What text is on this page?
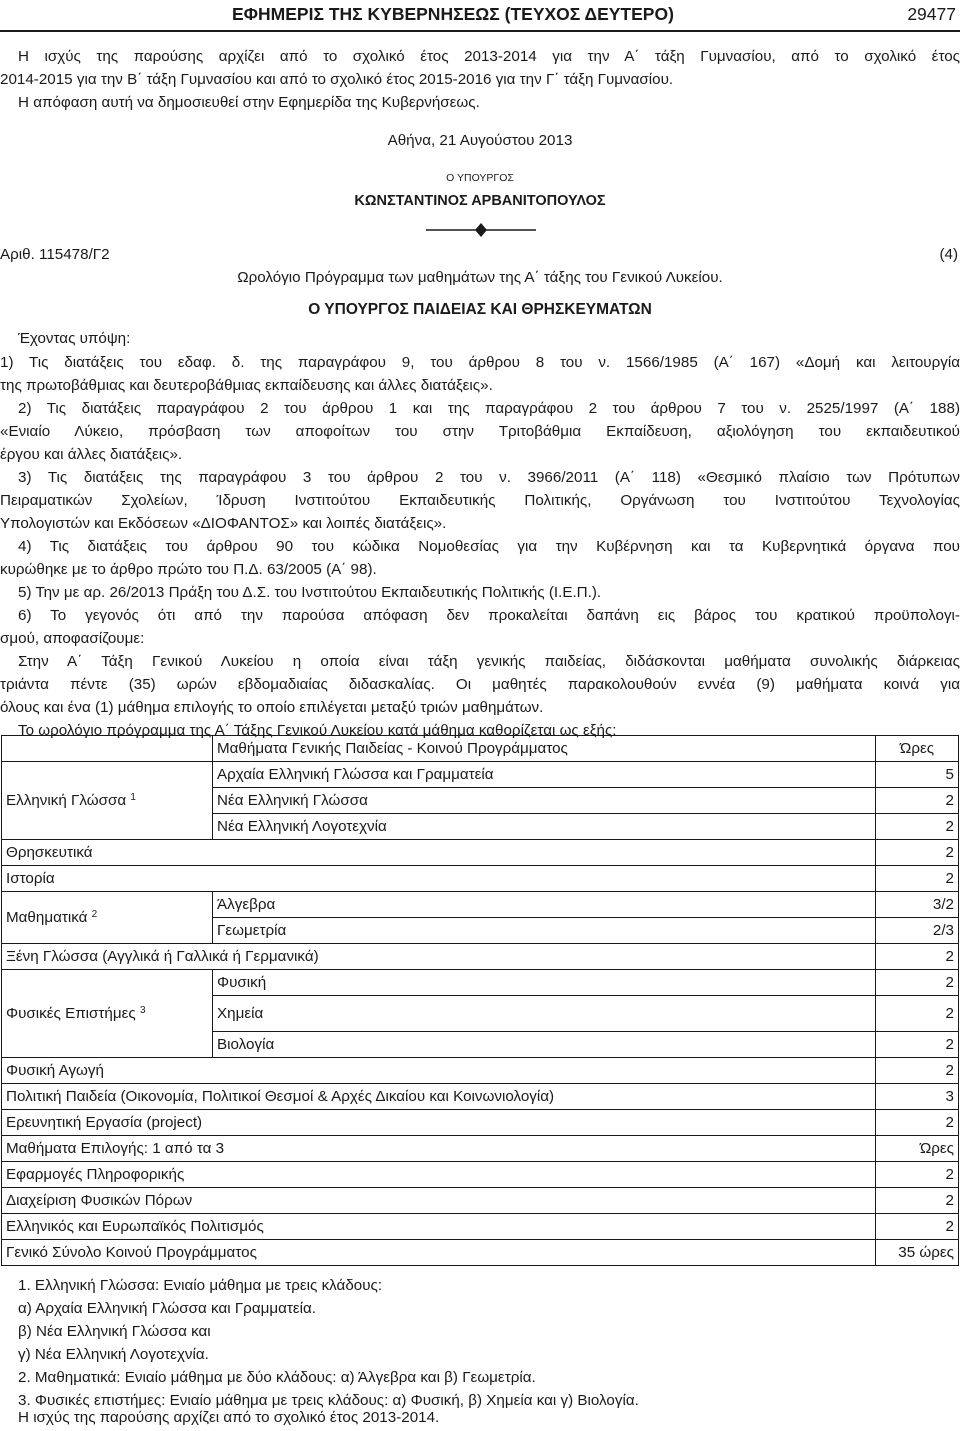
ΕΦΗΜΕΡΙΣ ΤΗΣ ΚΥΒΕΡΝΗΣΕΩΣ (ΤΕΥΧΟΣ ΔΕΥΤΕΡΟ)	29477

Η ισχύς της παρούσης αρχίζει από το σχολικό έτος 2013-2014 για την Α΄ τάξη Γυμνασίου, από το σχολικό έτος

2014-2015 για την Β΄ τάξη Γυμνασίου και από το σχολικό έτος 2015-2016 για την Γ΄ τάξη Γυμνασίου.

Η απόφαση αυτή να δημοσιευθεί στην Εφημερίδα της Κυβερνήσεως.

Αθήνα, 21 Αυγούστου 2013

Ο ΥΠΟΥΡΓΟΣ

ΚΩΝΣΤΑΝΤΙΝΟΣ ΑΡΒΑΝΙΤΟΠΟΥΛΟΣ

Αριθ. 115478/Γ2	(4)

Ωρολόγιο Πρόγραμμα των μαθημάτων της Α΄ τάξης του Γενικού Λυκείου.

Ο ΥΠΟΥΡΓΟΣ ΠΑΙΔΕΙΑΣ ΚΑΙ ΘΡΗΣΚΕΥΜΑΤΩΝ

Έχοντας υπόψη:

1) Τις διατάξεις του εδαφ. δ. της παραγράφου 9, του άρθρου 8 του ν. 1566/1985 (Α΄ 167) «Δομή και λειτουργία

της πρωτοβάθμιας και δευτεροβάθμιας εκπαίδευσης και άλλες διατάξεις».

2) Τις διατάξεις παραγράφου 2 του άρθρου 1 και της παραγράφου 2 του άρθρου 7 του ν. 2525/1997 (Α΄ 188)

«Ενιαίο Λύκειο, πρόσβαση των αποφοίτων του στην Τριτοβάθμια Εκπαίδευση, αξιολόγηση του εκπαιδευτικού

έργου και άλλες διατάξεις».

3) Τις διατάξεις της παραγράφου 3 του άρθρου 2 του ν. 3966/2011 (Α΄ 118) «Θεσμικό πλαίσιο των Πρότυπων

Πειραματικών Σχολείων, Ίδρυση Ινστιτούτου Εκπαιδευτικής Πολιτικής, Οργάνωση του Ινστιτούτου Τεχνολογίας

Υπολογιστών και Εκδόσεων «ΔΙΟΦΑΝΤΟΣ» και λοιπές διατάξεις».

4) Τις διατάξεις του άρθρου 90 του κώδικα Νομοθεσίας για την Κυβέρνηση και τα Κυβερνητικά όργανα που

κυρώθηκε με το άρθρο πρώτο του Π.Δ. 63/2005 (Α΄ 98).

5) Την με αρ. 26/2013 Πράξη του Δ.Σ. του Ινστιτούτου Εκπαιδευτικής Πολιτικής (Ι.Ε.Π.).

6) Το γεγονός ότι από την παρούσα απόφαση δεν προκαλείται δαπάνη εις βάρος του κρατικού προϋπολογι-

σμού, αποφασίζουμε:

Στην Α΄ Τάξη Γενικού Λυκείου η οποία είναι τάξη γενικής παιδείας, διδάσκονται μαθήματα συνολικής διάρκειας

τριάντα πέντε (35) ωρών εβδομαδιαίας διδασκαλίας. Οι μαθητές παρακολουθούν εννέα (9) μαθήματα κοινά για

όλους και ένα (1) μάθημα επιλογής το οποίο επιλέγεται μεταξύ τριών μαθημάτων.

Το ωρολόγιο πρόγραμμα της Α΄ Τάξης Γενικού Λυκείου κατά μάθημα καθορίζεται ως εξής:

	Μαθήματα Γενικής Παιδείας - Κοινού Προγράμματος	Ώρες
Ελληνική Γλώσσα $^1$	Αρχαία Ελληνική Γλώσσα και Γραμματεία	5
	Νέα Ελληνική Γλώσσα	2
	Νέα Ελληνική Λογοτεχνία	2
Θρησκευτικά		2
Ιστορία		2
Μαθηματικά $^2$	Άλγεβρα	3/2
	Γεωμετρία	2/3
Ξένη Γλώσσα (Αγγλικά ή Γαλλικά ή Γερμανικά)		2
Φυσικές Επιστήμες $^3$	Φυσική	2
	Χημεία	2
	Βιολογία	2
Φυσική Αγωγή		2
Πολιτική Παιδεία (Οικονομία, Πολιτικοί Θεσμοί & Αρχές Δικαίου και Κοινωνιολογία)		3
Ερευνητική Εργασία (project)		2
Μαθήματα Επιλογής: 1 από τα 3		Ώρες
Εφαρμογές Πληροφορικής		2
Διαχείριση Φυσικών Πόρων		2
Ελληνικός και Ευρωπαϊκός Πολιτισμός		2
Γενικό Σύνολο Κοινού Προγράμματος		35 ώρες

1. Ελληνική Γλώσσα: Ενιαίο μάθημα με τρεις κλάδους:

α) Αρχαία Ελληνική Γλώσσα και Γραμματεία.

β) Νέα Ελληνική Γλώσσα και

γ) Νέα Ελληνική Λογοτεχνία.

2. Μαθηματικά: Ενιαίο μάθημα με δύο κλάδους: α) Άλγεβρα και β) Γεωμετρία.

3. Φυσικές επιστήμες: Ενιαίο μάθημα με τρεις κλάδους: α) Φυσική, β) Χημεία και γ) Βιολογία.

Η ισχύς της παρούσης αρχίζει από το σχολικό έτος 2013-2014.
